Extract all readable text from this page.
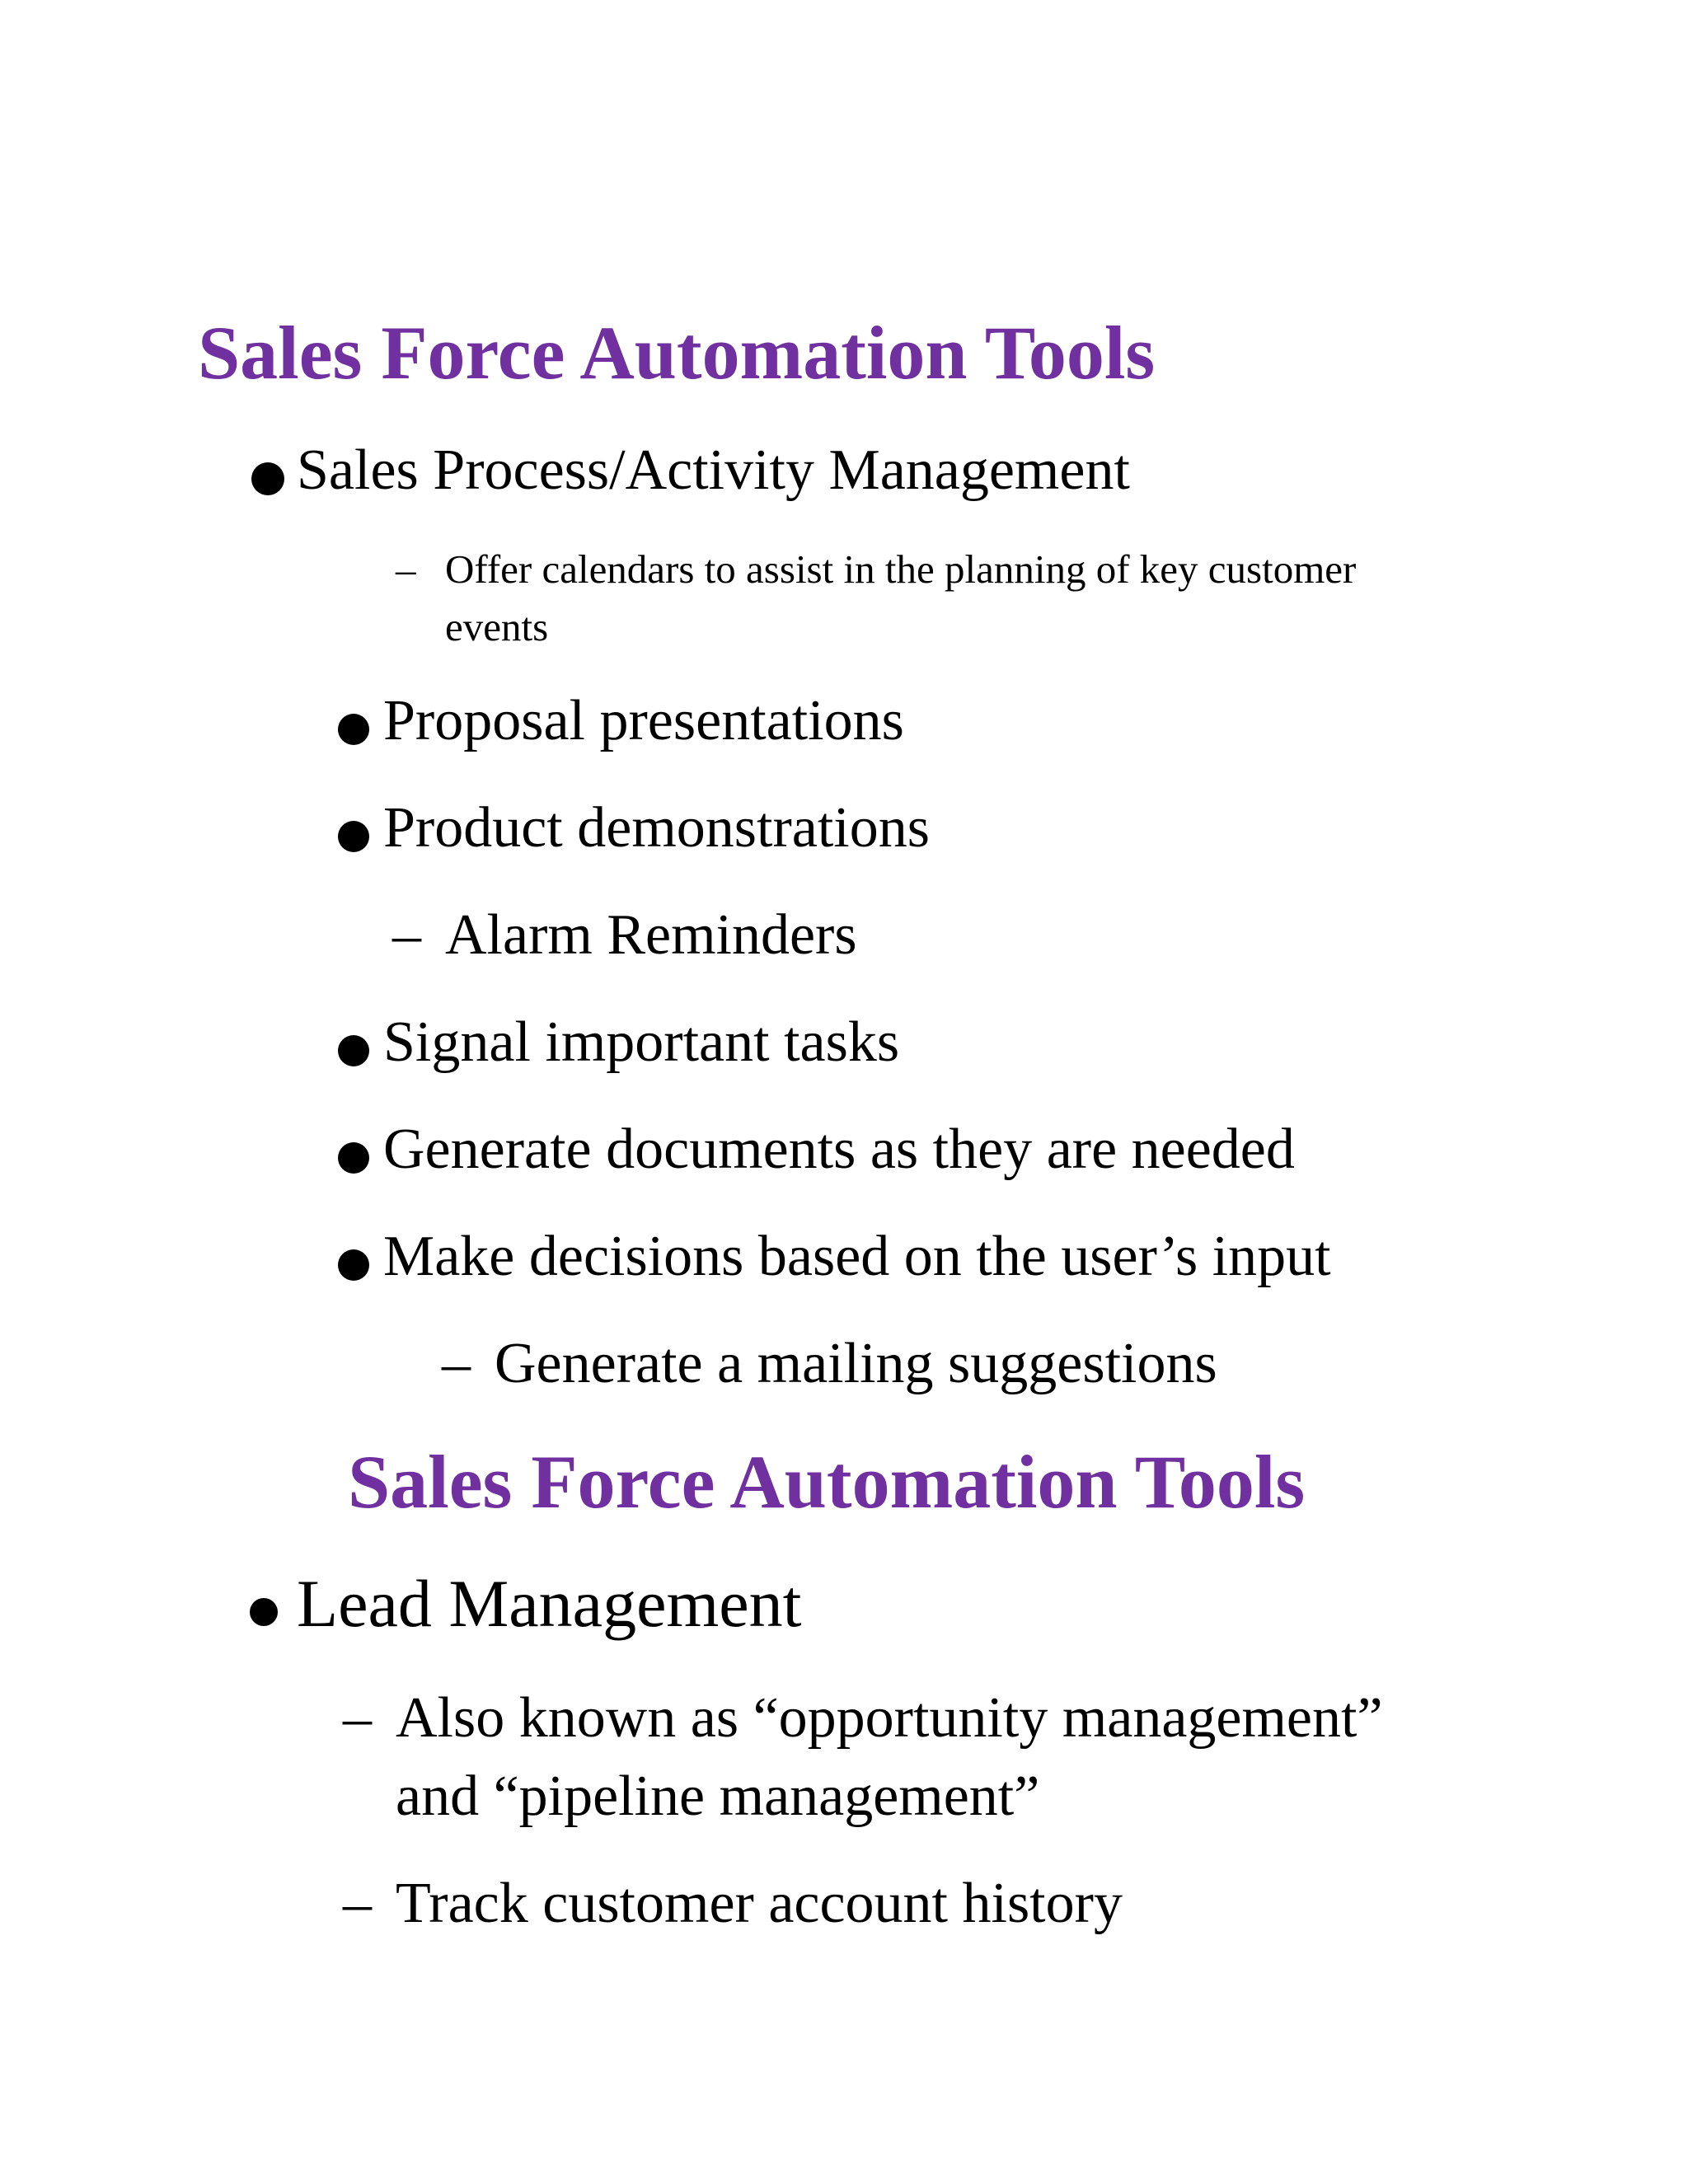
Sales Force Automation Tools
Sales Process/Activity Management
– Offer calendars to assist in the planning of key customer
events
Proposal presentations
Product demonstrations
– Alarm Reminders
Signal important tasks
Generate documents as they are needed
Make decisions based on the user’s input
– Generate a mailing suggestions
Sales Force Automation Tools
Lead Management
– Also known as “opportunity management”
and “pipeline management”
– Track customer account history
